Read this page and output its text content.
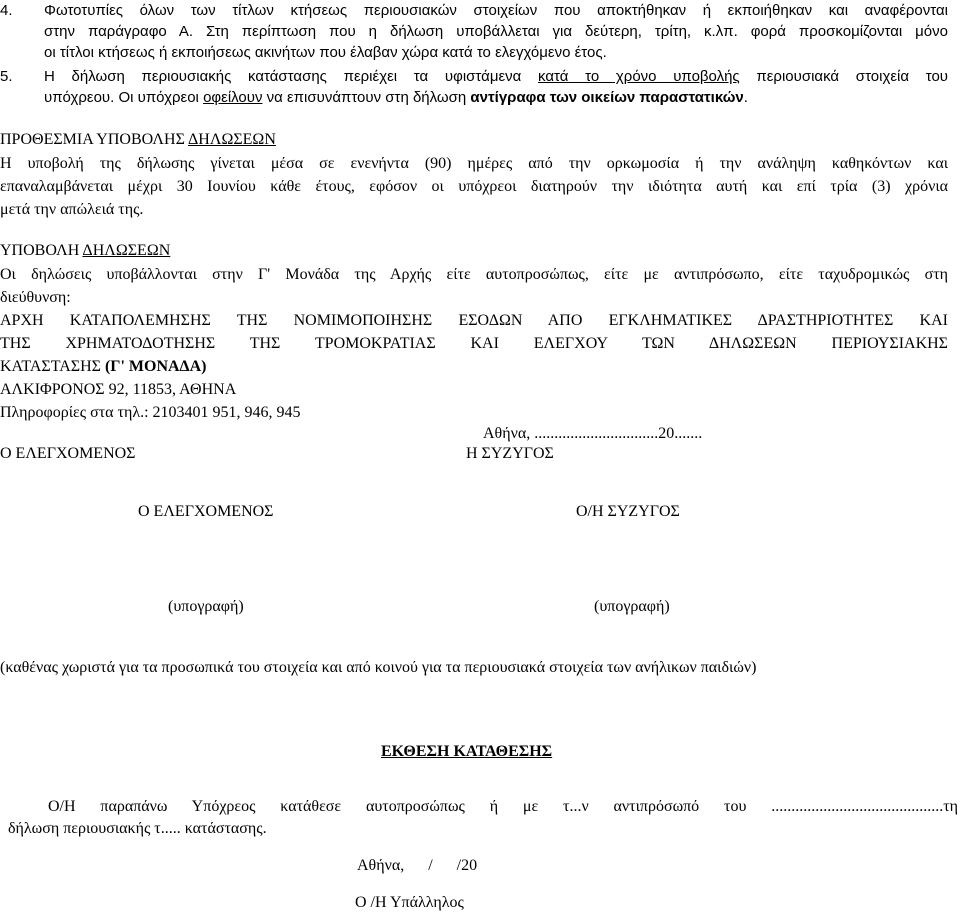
4. Φωτοτυπίες όλων των τίτλων κτήσεως περιουσιακών στοιχείων που αποκτήθηκαν ή εκποιήθηκαν και αναφέρονται
στην παράγραφο Α. Στη περίπτωση που η δήλωση υποβάλλεται για δεύτερη, τρίτη, κ.λπ. φορά προσκομίζονται μόνο
οι τίτλοι κτήσεως ή εκποιήσεως ακινήτων που έλαβαν χώρα κατά το ελεγχόμενο έτος.
5. Η δήλωση περιουσιακής κατάστασης περιέχει τα υφιστάμενα κατά το χρόνο υποβολής περιουσιακά στοιχεία του
υπόχρεου. Οι υπόχρεοι οφείλουν να επισυνάπτουν στη δήλωση αντίγραφα των οικείων παραστατικών.
ΠΡΟΘΕΣΜΙΑ ΥΠΟΒΟΛΗΣ ΔΗΛΩΣΕΩΝ
Η υποβολή της δήλωσης γίνεται μέσα σε ενενήντα (90) ημέρες από την ορκωμοσία ή την ανάληψη καθηκόντων και
επαναλαμβάνεται μέχρι 30 Ιουνίου κάθε έτους, εφόσον οι υπόχρεοι διατηρούν την ιδιότητα αυτή και επί τρία (3) χρόνια
μετά την απώλειά της.
ΥΠΟΒΟΛΗ ΔΗΛΩΣΕΩΝ
Οι δηλώσεις υποβάλλονται στην Γ' Μονάδα της Αρχής είτε αυτοπροσώπως, είτε με αντιπρόσωπο, είτε ταχυδρομικώς στη
διεύθυνση:
ΑΡΧΗ ΚΑΤΑΠΟΛΕΜΗΣΗΣ ΤΗΣ ΝΟΜΙΜΟΠΟΙΗΣΗΣ ΕΣΟΔΩΝ ΑΠΟ ΕΓΚΛΗΜΑΤΙΚΕΣ ΔΡΑΣΤΗΡΙΟΤΗΤΕΣ ΚΑΙ
ΤΗΣ ΧΡΗΜΑΤΟΔΟΤΗΣΗΣ ΤΗΣ ΤΡΟΜΟΚΡΑΤΙΑΣ ΚΑΙ ΕΛΕΓΧΟΥ ΤΩΝ ΔΗΛΩΣΕΩΝ ΠΕΡΙΟΥΣΙΑΚΗΣ
ΚΑΤΑΣΤΑΣΗΣ (Γ' ΜΟΝΑΔΑ)
ΑΛΚΙΦΡΟΝΟΣ 92, 11853, ΑΘΗΝΑ
Πληροφορίες στα τηλ.: 2103401 951, 946, 945
Αθήνα, ...............................20.......
Ο ΕΛΕΓΧΟΜΕΝΟΣ	Η ΣΥΖΥΓΟΣ
Ο ΕΛΕΓΧΟΜΕΝΟΣ	Ο/Η ΣΥΖΥΓΟΣ
(υπογραφή)	(υπογραφή)
(καθένας χωριστά για τα προσωπικά του στοιχεία και από κοινού για τα περιουσιακά στοιχεία των ανήλικων παιδιών)
ΕΚΘΕΣΗ ΚΑΤΑΘΕΣΗΣ
Ο/Η παραπάνω Υπόχρεος κατάθεσε αυτοπροσώπως ή με τ...ν αντιπρόσωπό του ...........................................τη
δήλωση περιουσιακής τ..... κατάστασης.
Αθήνα,      /      /20
Ο /Η Υπάλληλος
